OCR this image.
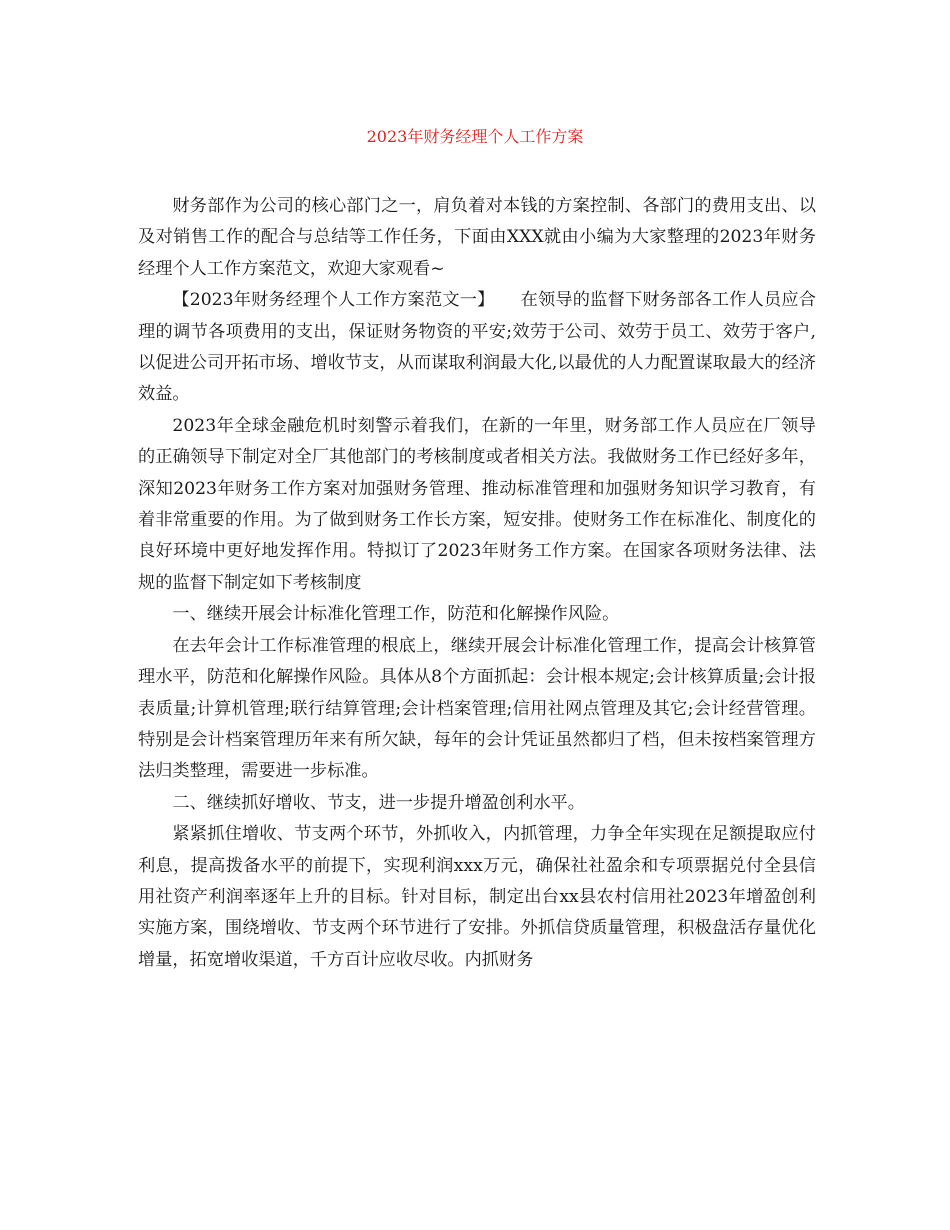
2023年财务经理个人工作方案

财务部作为公司的核心部门之一，肩负着对本钱的方案控制、各部门的费用支出、以及对销售工作的配合与总结等工作任务，下面由XXX就由小编为大家整理的2023年财务经理个人工作方案范文，欢迎大家观看~

【2023年财务经理个人工作方案范文一】　　在领导的监督下财务部各工作人员应合理的调节各项费用的支出，保证财务物资的平安;效劳于公司、效劳于员工、效劳于客户,以促进公司开拓市场、增收节支，从而谋取利润最大化,以最优的人力配置谋取最大的经济效益。

2023年全球金融危机时刻警示着我们，在新的一年里，财务部工作人员应在厂领导的正确领导下制定对全厂其他部门的考核制度或者相关方法。我做财务工作已经好多年，深知2023年财务工作方案对加强财务管理、推动标准管理和加强财务知识学习教育，有着非常重要的作用。为了做到财务工作长方案，短安排。使财务工作在标准化、制度化的良好环境中更好地发挥作用。特拟订了2023年财务工作方案。在国家各项财务法律、法规的监督下制定如下考核制度

一、继续开展会计标准化管理工作，防范和化解操作风险。

在去年会计工作标准管理的根底上，继续开展会计标准化管理工作，提高会计核算管理水平，防范和化解操作风险。具体从8个方面抓起：会计根本规定;会计核算质量;会计报表质量;计算机管理;联行结算管理;会计档案管理;信用社网点管理及其它;会计经营管理。特别是会计档案管理历年来有所欠缺，每年的会计凭证虽然都归了档，但未按档案管理方法归类整理，需要进一步标准。

二、继续抓好增收、节支，进一步提升增盈创利水平。

紧紧抓住增收、节支两个环节，外抓收入，内抓管理，力争全年实现在足额提取应付利息，提高拨备水平的前提下，实现利润xxx万元，确保社社盈余和专项票据兑付全县信用社资产利润率逐年上升的目标。针对目标，制定出台xx县农村信用社2023年增盈创利实施方案，围绕增收、节支两个环节进行了安排。外抓信贷质量管理，积极盘活存量优化增量，拓宽增收渠道，千方百计应收尽收。内抓财务
